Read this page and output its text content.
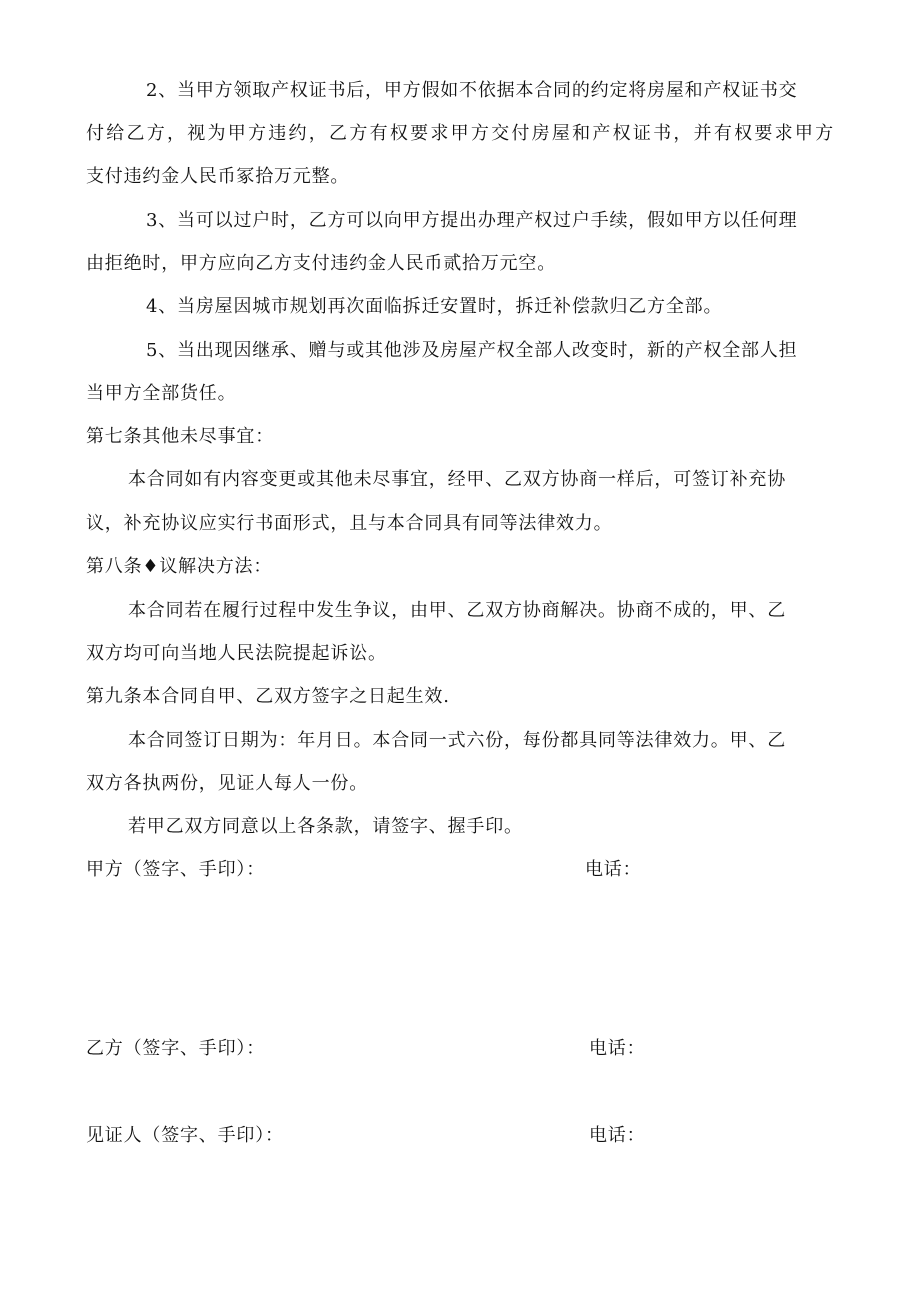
2、当甲方领取产权证书后，甲方假如不依据本合同的约定将房屋和产权证书交
付给乙方，视为甲方违约，乙方有权要求甲方交付房屋和产权证书，并有权要求甲方
支付违约金人民币冢拾万元整。
3、当可以过户时，乙方可以向甲方提出办理产权过户手续，假如甲方以任何理
由拒绝时，甲方应向乙方支付违约金人民币贰拾万元空。
4、当房屋因城市规划再次面临拆迁安置时，拆迁补偿款归乙方全部。
5、当出现因继承、赠与或其他涉及房屋产权全部人改变时，新的产权全部人担
当甲方全部货任。
第七条其他未尽事宜：
本合同如有内容变更或其他未尽事宜，经甲、乙双方协商一样后，可签订补充协
议，补充协议应实行书面形式，且与本合同具有同等法律效力。
第八条♦议解决方法：
本合同若在履行过程中发生争议，由甲、乙双方协商解决。协商不成的，甲、乙
双方均可向当地人民法院提起诉讼。
第九条本合同自甲、乙双方签字之日起生效.
本合同签订日期为：年月日。本合同一式六份，每份都具同等法律效力。甲、乙
双方各执两份，见证人每人一份。
若甲乙双方同意以上各条款，请签字、握手印。
甲方（签字、手印）：	电话：
乙方（签字、手印）：	电话：
见证人（签字、手印）：	电话：
